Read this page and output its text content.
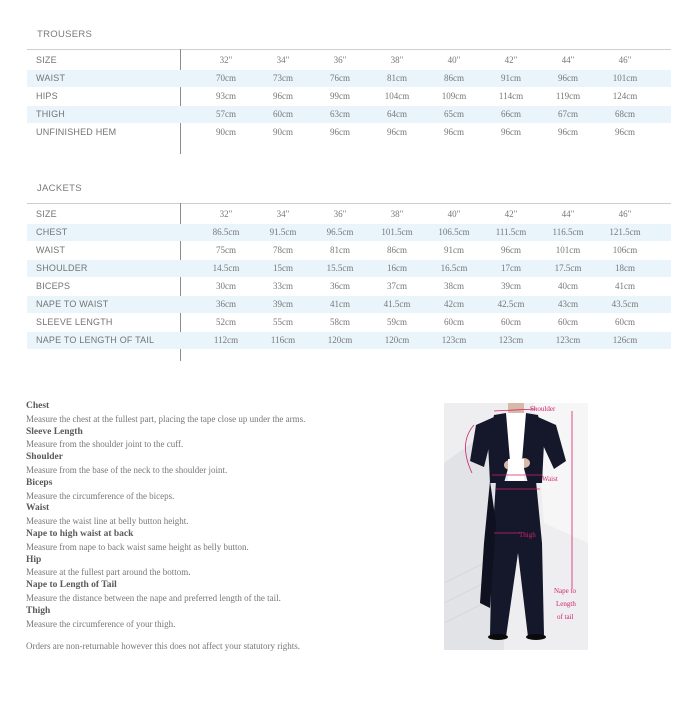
TROUSERS
SIZE	32"	34"	36"	38"	40"	42"	44"	46"
WAIST	70cm	73cm	76cm	81cm	86cm	91cm	96cm	101cm
HIPS	93cm	96cm	99cm	104cm	109cm	114cm	119cm	124cm
THIGH	57cm	60cm	63cm	64cm	65cm	66cm	67cm	68cm
UNFINISHED HEM	90cm	90cm	96cm	96cm	96cm	96cm	96cm	96cm
JACKETS
SIZE	32"	34"	36"	38"	40"	42"	44"	46"
CHEST	86.5cm	91.5cm	96.5cm	101.5cm	106.5cm	111.5cm	116.5cm	121.5cm
WAIST	75cm	78cm	81cm	86cm	91cm	96cm	101cm	106cm
SHOULDER	14.5cm	15cm	15.5cm	16cm	16.5cm	17cm	17.5cm	18cm
BICEPS	30cm	33cm	36cm	37cm	38cm	39cm	40cm	41cm
NAPE TO WAIST	36cm	39cm	41cm	41.5cm	42cm	42.5cm	43cm	43.5cm
SLEEVE LENGTH	52cm	55cm	58cm	59cm	60cm	60cm	60cm	60cm
NAPE TO LENGTH OF TAIL	112cm	116cm	120cm	120cm	123cm	123cm	123cm	126cm
Chest
Measure the chest at the fullest part, placing the tape close up under the arms.
Sleeve Length
Measure from the shoulder joint to the cuff.
Shoulder
Measure from the base of the neck to the shoulder joint.
Biceps
Measure the circumference of the biceps.
Waist
Measure the waist line at belly button height.
Nape to high waist at back
Measure from nape to back waist same height as belly button.
Hip
Measure at the fullest part around the bottom.
Nape to Length of Tail
Measure the distance between the nape and preferred length of the tail.
Thigh
Measure the circumference of your thigh.
Orders are non-returnable however this does not affect your statutory rights.
Shoulder
Waist
Thigh
Nape to
Length
of tail
